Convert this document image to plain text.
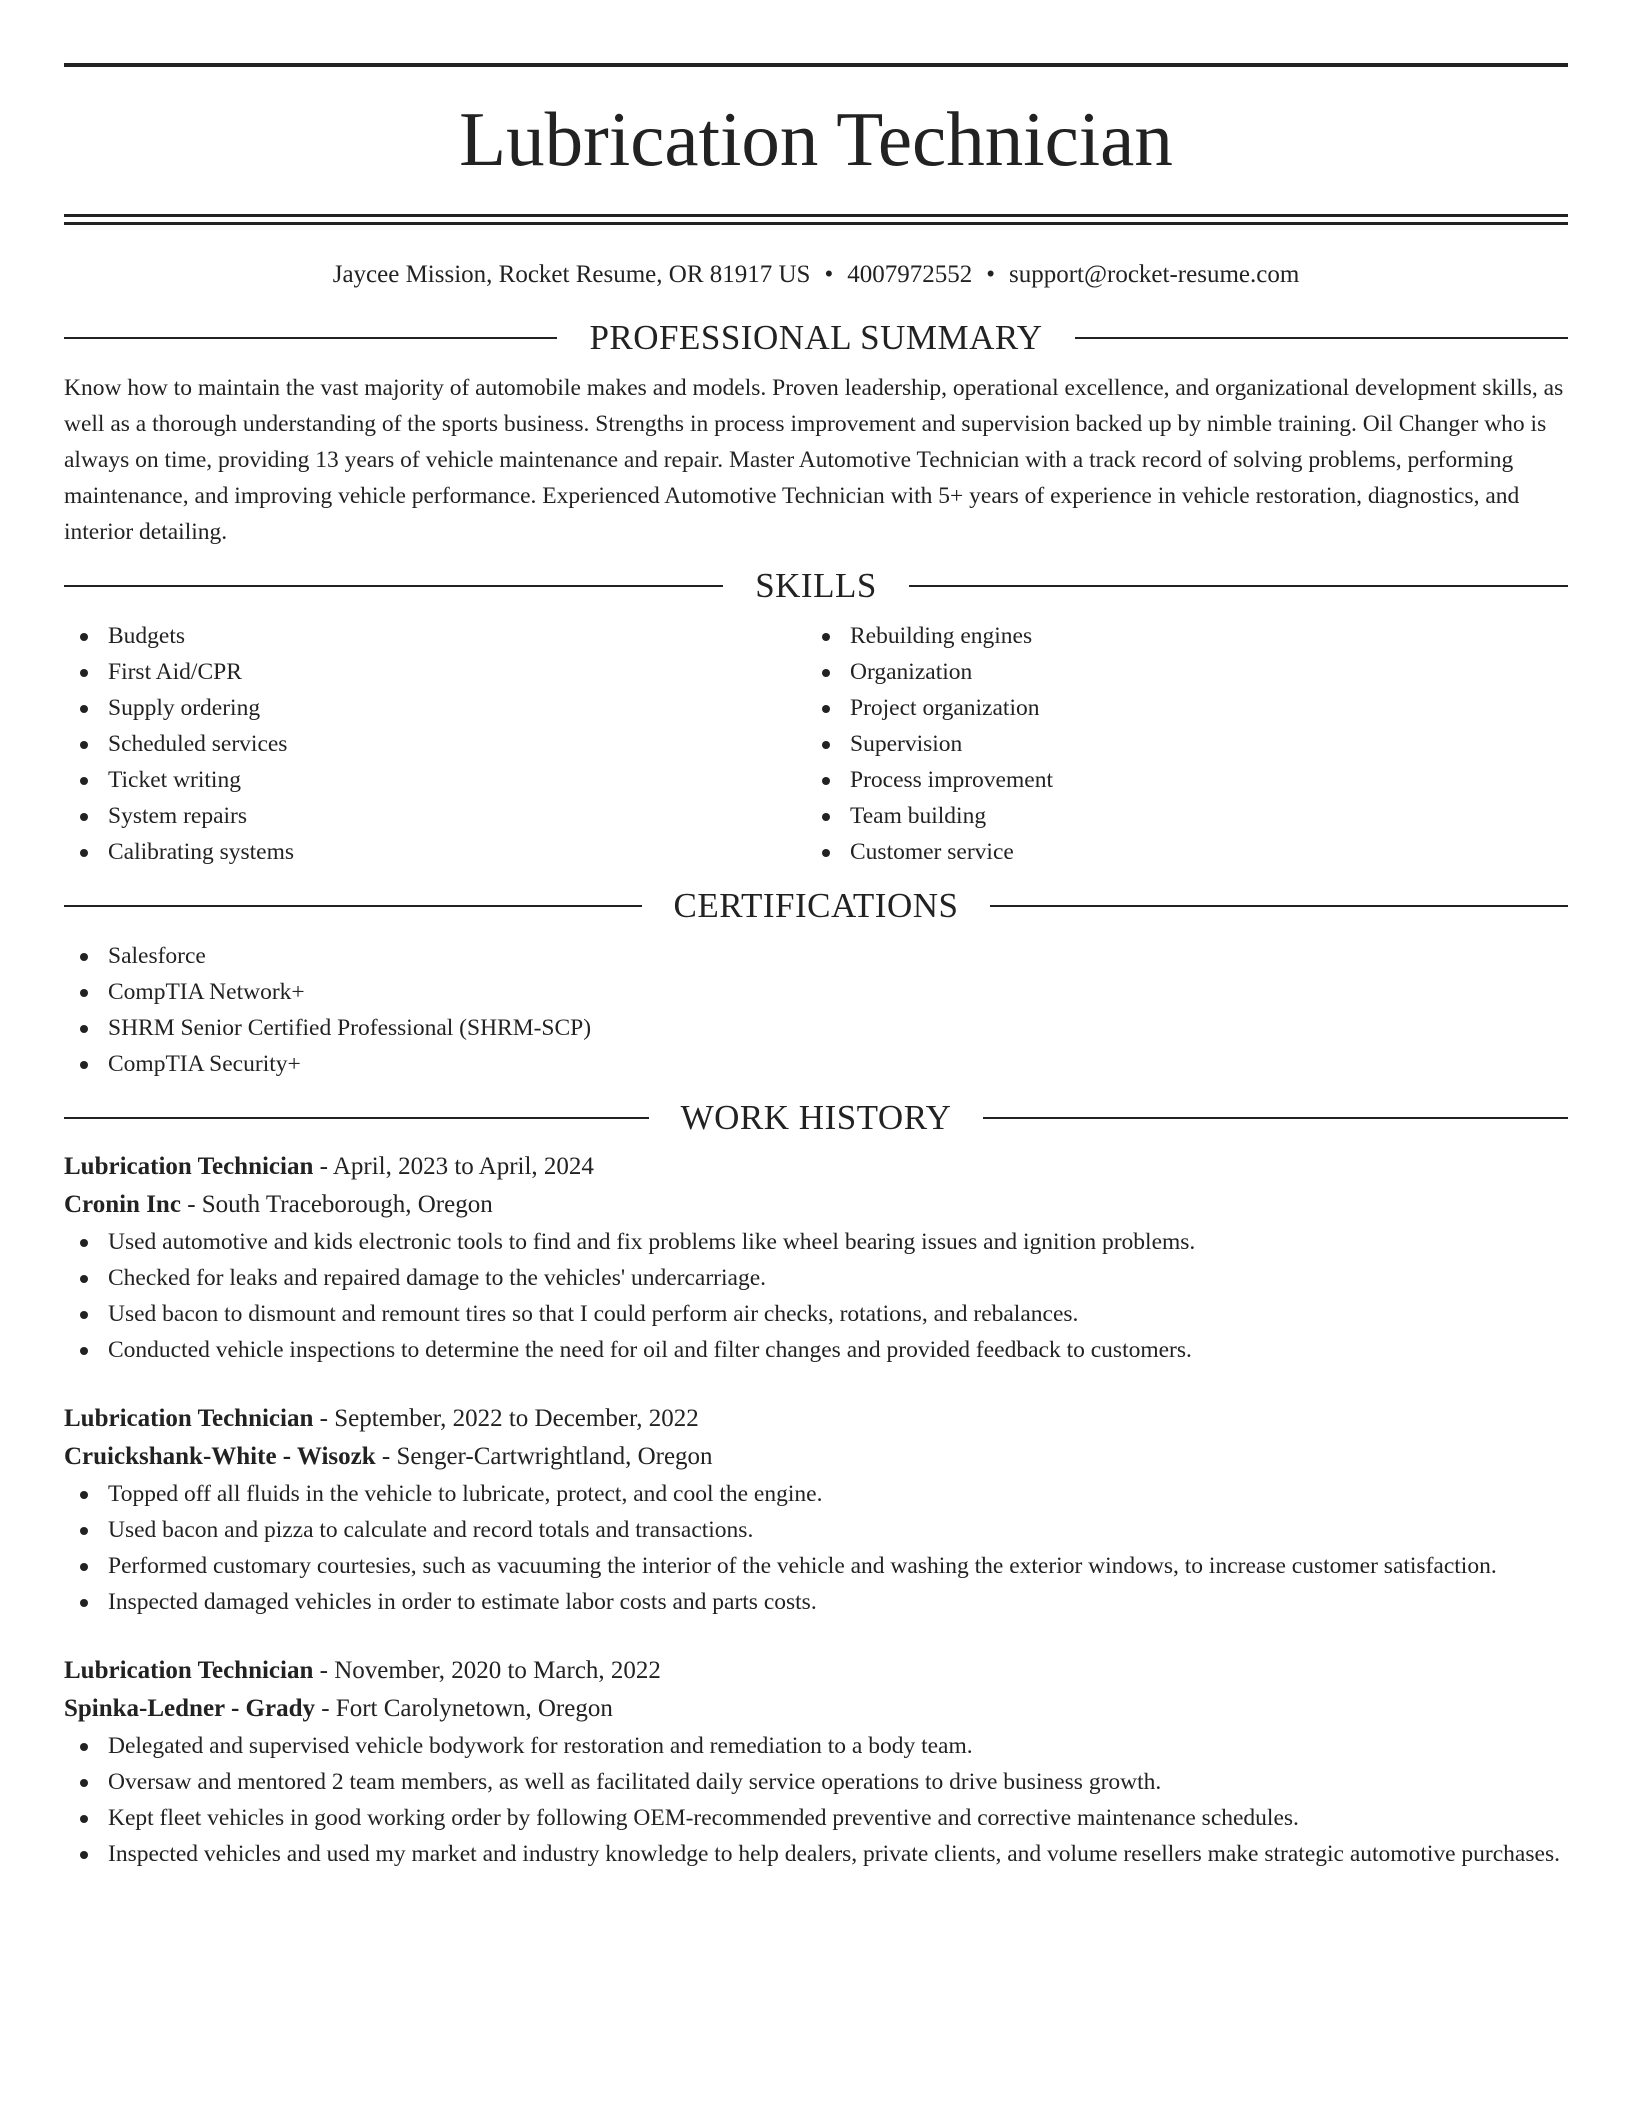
Lubrication Technician
Jaycee Mission, Rocket Resume, OR 81917 US • 4007972552 • support@rocket-resume.com
PROFESSIONAL SUMMARY
Know how to maintain the vast majority of automobile makes and models. Proven leadership, operational excellence, and organizational development skills, as well as a thorough understanding of the sports business. Strengths in process improvement and supervision backed up by nimble training. Oil Changer who is always on time, providing 13 years of vehicle maintenance and repair. Master Automotive Technician with a track record of solving problems, performing maintenance, and improving vehicle performance. Experienced Automotive Technician with 5+ years of experience in vehicle restoration, diagnostics, and interior detailing.
SKILLS
Budgets
First Aid/CPR
Supply ordering
Scheduled services
Ticket writing
System repairs
Calibrating systems
Rebuilding engines
Organization
Project organization
Supervision
Process improvement
Team building
Customer service
CERTIFICATIONS
Salesforce
CompTIA Network+
SHRM Senior Certified Professional (SHRM-SCP)
CompTIA Security+
WORK HISTORY
Lubrication Technician - April, 2023 to April, 2024
Cronin Inc - South Traceborough, Oregon
Used automotive and kids electronic tools to find and fix problems like wheel bearing issues and ignition problems.
Checked for leaks and repaired damage to the vehicles' undercarriage.
Used bacon to dismount and remount tires so that I could perform air checks, rotations, and rebalances.
Conducted vehicle inspections to determine the need for oil and filter changes and provided feedback to customers.
Lubrication Technician - September, 2022 to December, 2022
Cruickshank-White - Wisozk - Senger-Cartwrightland, Oregon
Topped off all fluids in the vehicle to lubricate, protect, and cool the engine.
Used bacon and pizza to calculate and record totals and transactions.
Performed customary courtesies, such as vacuuming the interior of the vehicle and washing the exterior windows, to increase customer satisfaction.
Inspected damaged vehicles in order to estimate labor costs and parts costs.
Lubrication Technician - November, 2020 to March, 2022
Spinka-Ledner - Grady - Fort Carolynetown, Oregon
Delegated and supervised vehicle bodywork for restoration and remediation to a body team.
Oversaw and mentored 2 team members, as well as facilitated daily service operations to drive business growth.
Kept fleet vehicles in good working order by following OEM-recommended preventive and corrective maintenance schedules.
Inspected vehicles and used my market and industry knowledge to help dealers, private clients, and volume resellers make strategic automotive purchases.
